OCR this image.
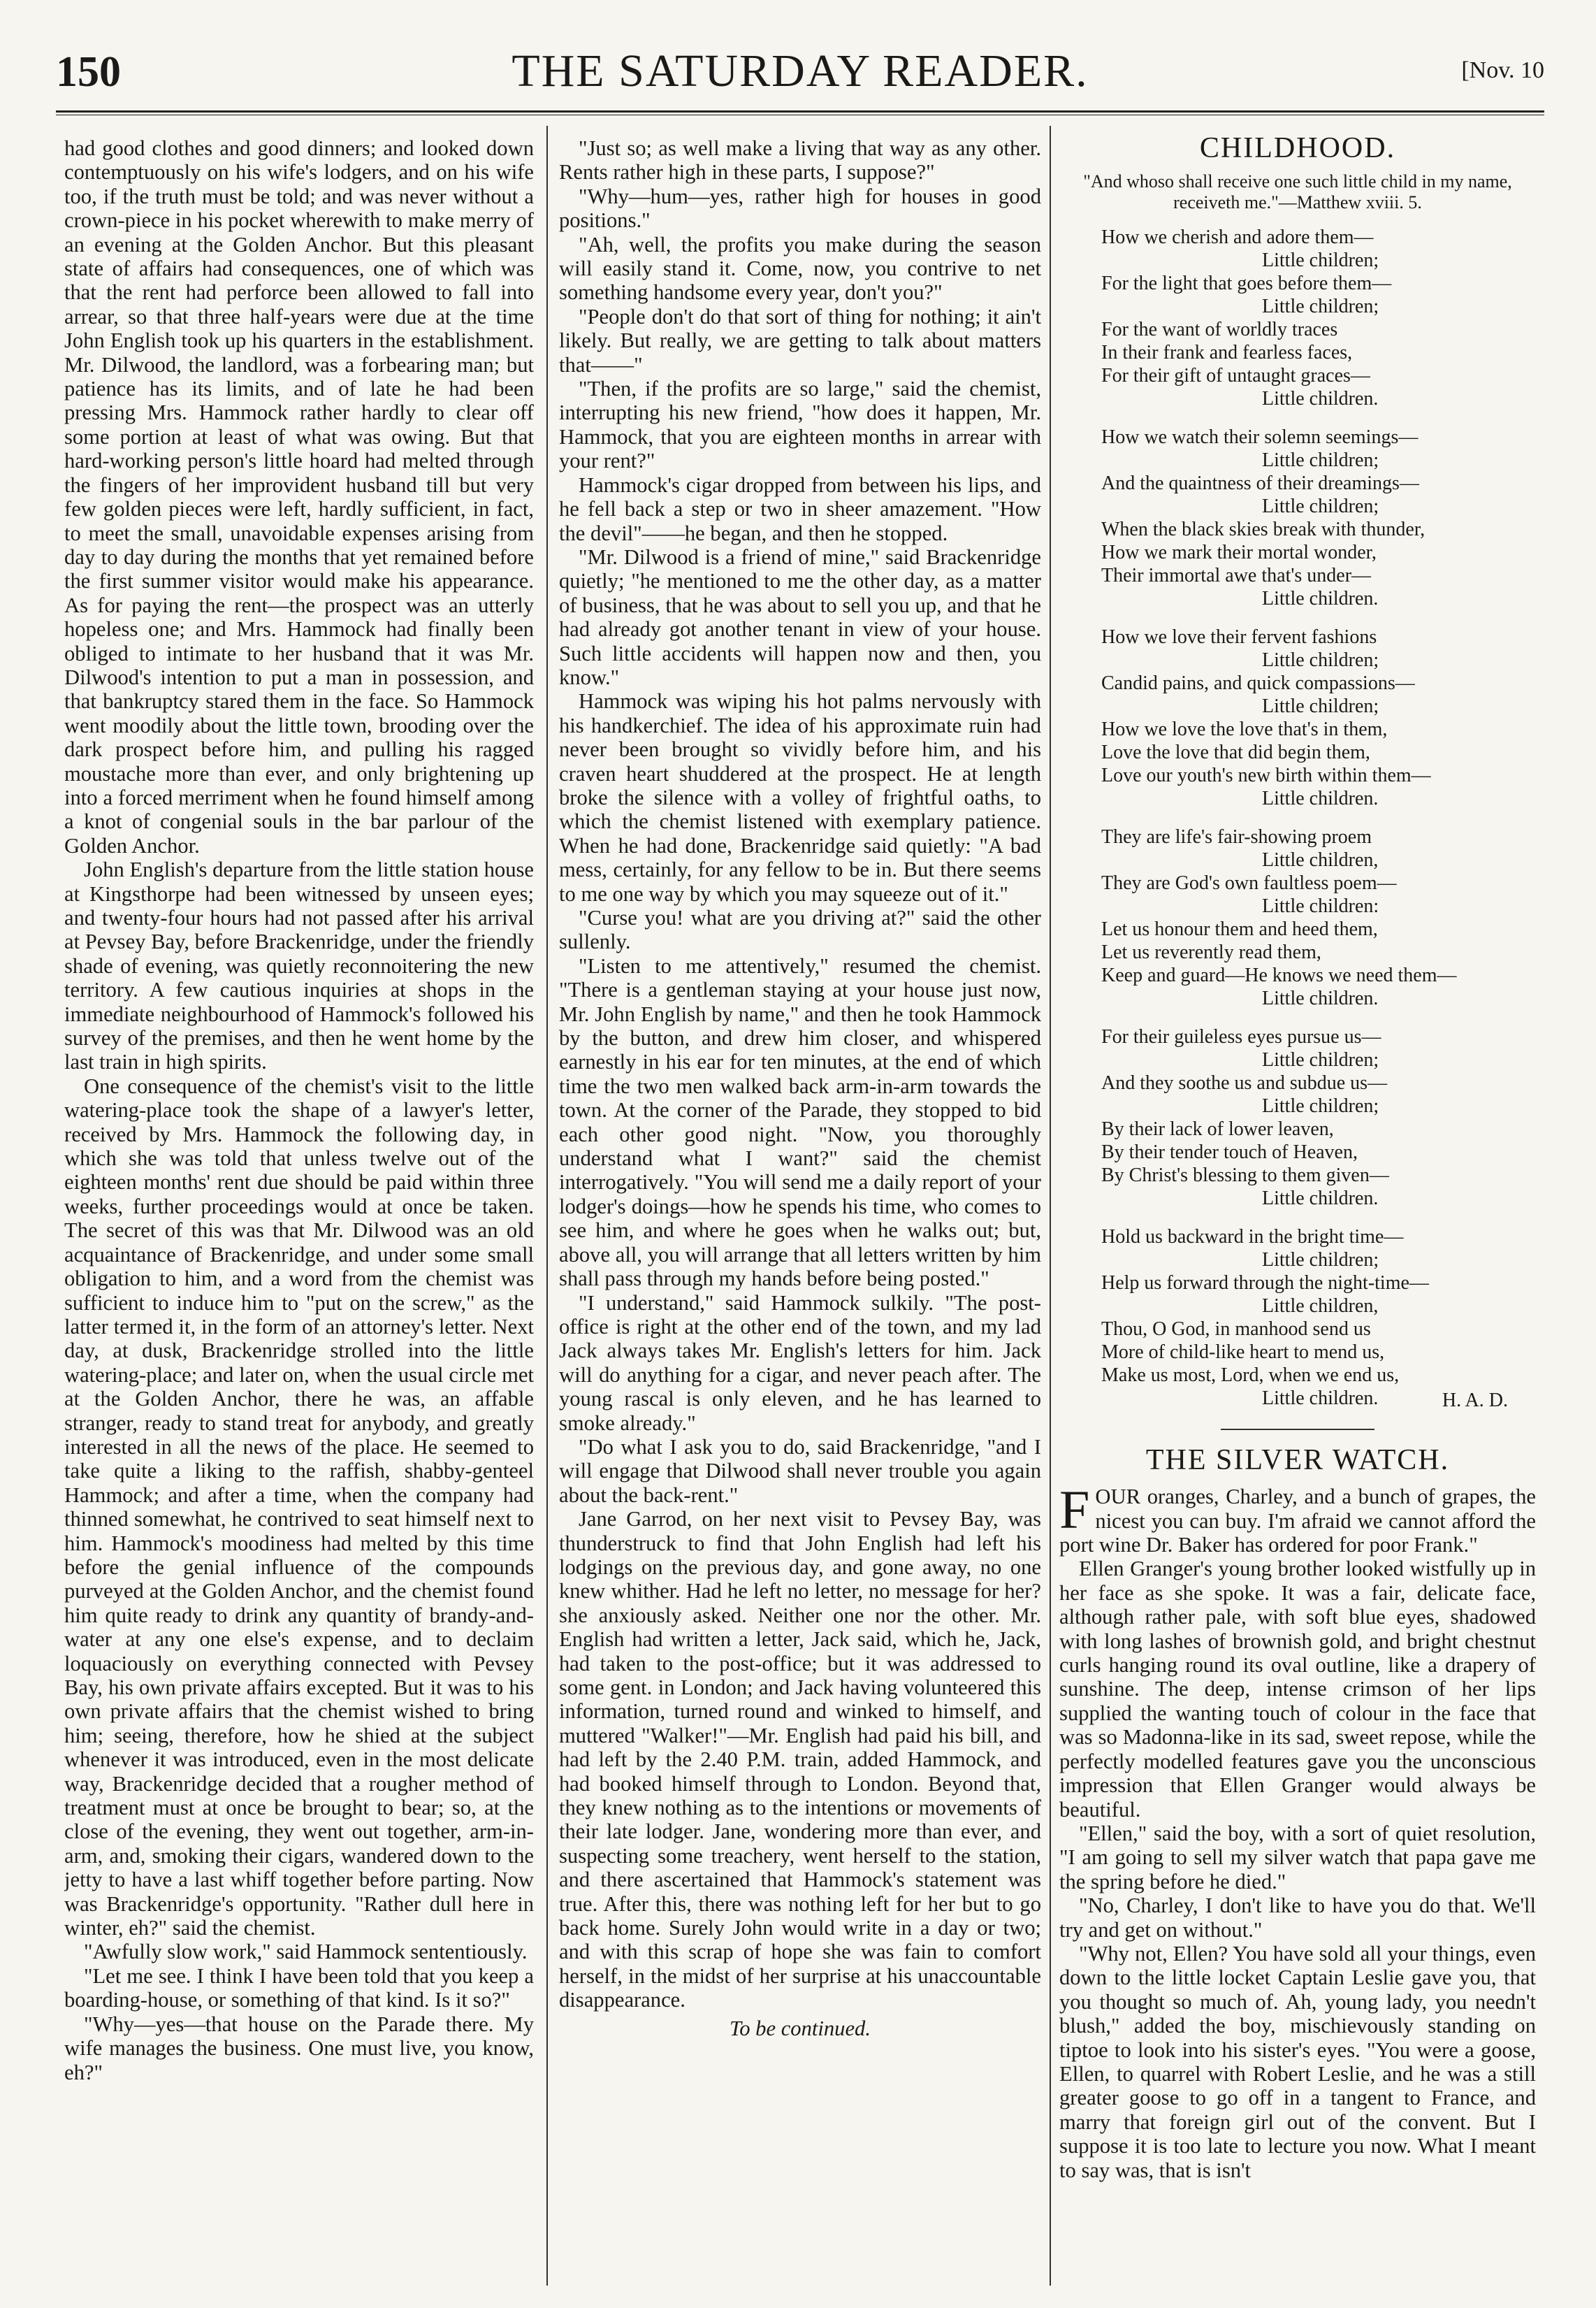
150	THE SATURDAY READER.	[Nov. 10

had good clothes and good dinners; and looked down contemptuously on his wife's lodgers, and on his wife too, if the truth must be told; and was never without a crown-piece in his pocket wherewith to make merry of an evening at the Golden Anchor. But this pleasant state of affairs had consequences, one of which was that the rent had perforce been allowed to fall into arrear, so that three half-years were due at the time John English took up his quarters in the establishment. Mr. Dilwood, the landlord, was a forbearing man; but patience has its limits, and of late he had been pressing Mrs. Hammock rather hardly to clear off some portion at least of what was owing. But that hard-working person's little hoard had melted through the fingers of her improvident husband till but very few golden pieces were left, hardly sufficient, in fact, to meet the small, unavoidable expenses arising from day to day during the months that yet remained before the first summer visitor would make his appearance. As for paying the rent—the prospect was an utterly hopeless one; and Mrs. Hammock had finally been obliged to intimate to her husband that it was Mr. Dilwood's intention to put a man in possession, and that bankruptcy stared them in the face. So Hammock went moodily about the little town, brooding over the dark prospect before him, and pulling his ragged moustache more than ever, and only brightening up into a forced merriment when he found himself among a knot of congenial souls in the bar parlour of the Golden Anchor.

John English's departure from the little station house at Kingsthorpe had been witnessed by unseen eyes; and twenty-four hours had not passed after his arrival at Pevsey Bay, before Brackenridge, under the friendly shade of evening, was quietly reconnoitering the new territory. A few cautious inquiries at shops in the immediate neighbourhood of Hammock's followed his survey of the premises, and then he went home by the last train in high spirits.

One consequence of the chemist's visit to the little watering-place took the shape of a lawyer's letter, received by Mrs. Hammock the following day, in which she was told that unless twelve out of the eighteen months' rent due should be paid within three weeks, further proceedings would at once be taken. The secret of this was that Mr. Dilwood was an old acquaintance of Brackenridge, and under some small obligation to him, and a word from the chemist was sufficient to induce him to "put on the screw," as the latter termed it, in the form of an attorney's letter. Next day, at dusk, Brackenridge strolled into the little watering-place; and later on, when the usual circle met at the Golden Anchor, there he was, an affable stranger, ready to stand treat for anybody, and greatly interested in all the news of the place. He seemed to take quite a liking to the raffish, shabby-genteel Hammock; and after a time, when the company had thinned somewhat, he contrived to seat himself next to him. Hammock's moodiness had melted by this time before the genial influence of the compounds purveyed at the Golden Anchor, and the chemist found him quite ready to drink any quantity of brandy-and-water at any one else's expense, and to declaim loquaciously on everything connected with Pevsey Bay, his own private affairs excepted. But it was to his own private affairs that the chemist wished to bring him; seeing, therefore, how he shied at the subject whenever it was introduced, even in the most delicate way, Brackenridge decided that a rougher method of treatment must at once be brought to bear; so, at the close of the evening, they went out together, arm-in-arm, and, smoking their cigars, wandered down to the jetty to have a last whiff together before parting. Now was Brackenridge's opportunity. "Rather dull here in winter, eh?" said the chemist.

"Awfully slow work," said Hammock sententiously.

"Let me see. I think I have been told that you keep a boarding-house, or something of that kind. Is it so?"

"Why—yes—that house on the Parade there. My wife manages the business. One must live, you know, eh?"

"Just so; as well make a living that way as any other. Rents rather high in these parts, I suppose?"

"Why—hum—yes, rather high for houses in good positions."

"Ah, well, the profits you make during the season will easily stand it. Come, now, you contrive to net something handsome every year, don't you?"

"People don't do that sort of thing for nothing; it ain't likely. But really, we are getting to talk about matters that——"

"Then, if the profits are so large," said the chemist, interrupting his new friend, "how does it happen, Mr. Hammock, that you are eighteen months in arrear with your rent?"

Hammock's cigar dropped from between his lips, and he fell back a step or two in sheer amazement. "How the devil"——he began, and then he stopped.

"Mr. Dilwood is a friend of mine," said Brackenridge quietly; "he mentioned to me the other day, as a matter of business, that he was about to sell you up, and that he had already got another tenant in view of your house. Such little accidents will happen now and then, you know."

Hammock was wiping his hot palms nervously with his handkerchief. The idea of his approximate ruin had never been brought so vividly before him, and his craven heart shuddered at the prospect. He at length broke the silence with a volley of frightful oaths, to which the chemist listened with exemplary patience. When he had done, Brackenridge said quietly: "A bad mess, certainly, for any fellow to be in. But there seems to me one way by which you may squeeze out of it."

"Curse you! what are you driving at?" said the other sullenly.

"Listen to me attentively," resumed the chemist. "There is a gentleman staying at your house just now, Mr. John English by name," and then he took Hammock by the button, and drew him closer, and whispered earnestly in his ear for ten minutes, at the end of which time the two men walked back arm-in-arm towards the town. At the corner of the Parade, they stopped to bid each other good night. "Now, you thoroughly understand what I want?" said the chemist interrogatively. "You will send me a daily report of your lodger's doings—how he spends his time, who comes to see him, and where he goes when he walks out; but, above all, you will arrange that all letters written by him shall pass through my hands before being posted."

"I understand," said Hammock sulkily. "The post-office is right at the other end of the town, and my lad Jack always takes Mr. English's letters for him. Jack will do anything for a cigar, and never peach after. The young rascal is only eleven, and he has learned to smoke already."

"Do what I ask you to do, said Brackenridge, "and I will engage that Dilwood shall never trouble you again about the back-rent."

Jane Garrod, on her next visit to Pevsey Bay, was thunderstruck to find that John English had left his lodgings on the previous day, and gone away, no one knew whither. Had he left no letter, no message for her? she anxiously asked. Neither one nor the other. Mr. English had written a letter, Jack said, which he, Jack, had taken to the post-office; but it was addressed to some gent. in London; and Jack having volunteered this information, turned round and winked to himself, and muttered "Walker!"—Mr. English had paid his bill, and had left by the 2.40 P.M. train, added Hammock, and had booked himself through to London. Beyond that, they knew nothing as to the intentions or movements of their late lodger. Jane, wondering more than ever, and suspecting some treachery, went herself to the station, and there ascertained that Hammock's statement was true. After this, there was nothing left for her but to go back home. Surely John would write in a day or two; and with this scrap of hope she was fain to comfort herself, in the midst of her surprise at his unaccountable disappearance.

To be continued.

CHILDHOOD.
"And whoso shall receive one such little child in my name, receiveth me."—Matthew xviii. 5.
How we cherish and adore them—
Little children;
For the light that goes before them—
Little children;
For the want of worldly traces
In their frank and fearless faces,
For their gift of untaught graces—
Little children.
How we watch their solemn seemings—
Little children;
And the quaintness of their dreamings—
Little children;
When the black skies break with thunder,
How we mark their mortal wonder,
Their immortal awe that's under—
Little children.
How we love their fervent fashions
Little children;
Candid pains, and quick compassions—
Little children;
How we love the love that's in them,
Love the love that did begin them,
Love our youth's new birth within them—
Little children.
They are life's fair-showing proem
Little children,
They are God's own faultless poem—
Little children:
Let us honour them and heed them,
Let us reverently read them,
Keep and guard—He knows we need them—
Little children.
For their guileless eyes pursue us—
Little children;
And they soothe us and subdue us—
Little children;
By their lack of lower leaven,
By their tender touch of Heaven,
By Christ's blessing to them given—
Little children.
Hold us backward in the bright time—
Little children;
Help us forward through the night-time—
Little children,
Thou, O God, in manhood send us
More of child-like heart to mend us,
Make us most, Lord, when we end us,
Little children.	H. A. D.
THE SILVER WATCH.

FOUR oranges, Charley, and a bunch of grapes, the nicest you can buy. I'm afraid we cannot afford the port wine Dr. Baker has ordered for poor Frank."

Ellen Granger's young brother looked wistfully up in her face as she spoke. It was a fair, delicate face, although rather pale, with soft blue eyes, shadowed with long lashes of brownish gold, and bright chestnut curls hanging round its oval outline, like a drapery of sunshine. The deep, intense crimson of her lips supplied the wanting touch of colour in the face that was so Madonna-like in its sad, sweet repose, while the perfectly modelled features gave you the unconscious impression that Ellen Granger would always be beautiful.

"Ellen," said the boy, with a sort of quiet resolution, "I am going to sell my silver watch that papa gave me the spring before he died."

"No, Charley, I don't like to have you do that. We'll try and get on without."

"Why not, Ellen? You have sold all your things, even down to the little locket Captain Leslie gave you, that you thought so much of. Ah, young lady, you needn't blush," added the boy, mischievously standing on tiptoe to look into his sister's eyes. "You were a goose, Ellen, to quarrel with Robert Leslie, and he was a still greater goose to go off in a tangent to France, and marry that foreign girl out of the convent. But I suppose it is too late to lecture you now. What I meant to say was, that is isn't
